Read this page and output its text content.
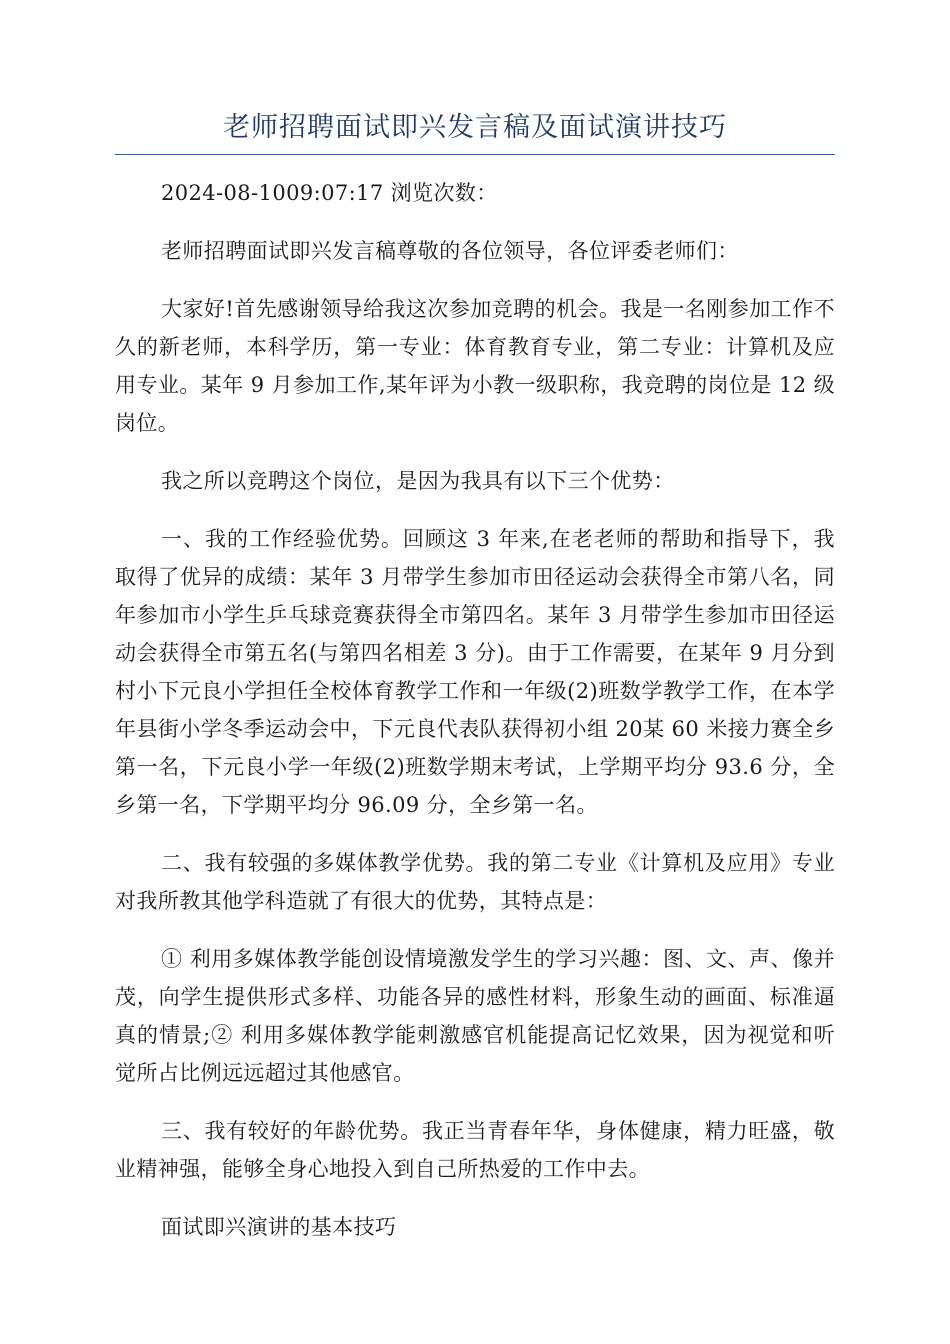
老师招聘面试即兴发言稿及面试演讲技巧

2024-08-1009:07:17 浏览次数：

老师招聘面试即兴发言稿尊敬的各位领导，各位评委老师们：

大家好!首先感谢领导给我这次参加竞聘的机会。我是一名刚参加工作不久的新老师，本科学历，第一专业：体育教育专业，第二专业：计算机及应用专业。某年 9 月参加工作,某年评为小教一级职称，我竞聘的岗位是 12 级岗位。

我之所以竞聘这个岗位，是因为我具有以下三个优势：

一、我的工作经验优势。回顾这 3 年来,在老老师的帮助和指导下，我取得了优异的成绩：某年 3 月带学生参加市田径运动会获得全市第八名，同年参加市小学生乒乓球竞赛获得全市第四名。某年 3 月带学生参加市田径运动会获得全市第五名(与第四名相差 3 分)。由于工作需要，在某年 9 月分到村小下元良小学担任全校体育教学工作和一年级(2)班数学教学工作，在本学年县街小学冬季运动会中，下元良代表队获得初小组 20某 60 米接力赛全乡第一名，下元良小学一年级(2)班数学期末考试，上学期平均分 93.6 分，全乡第一名，下学期平均分 96.09 分，全乡第一名。

二、我有较强的多媒体教学优势。我的第二专业《计算机及应用》专业对我所教其他学科造就了有很大的优势，其特点是：

① 利用多媒体教学能创设情境激发学生的学习兴趣：图、文、声、像并茂，向学生提供形式多样、功能各异的感性材料，形象生动的画面、标准逼真的情景;② 利用多媒体教学能刺激感官机能提高记忆效果，因为视觉和听觉所占比例远远超过其他感官。

三、我有较好的年龄优势。我正当青春年华，身体健康，精力旺盛，敬业精神强，能够全身心地投入到自己所热爱的工作中去。

面试即兴演讲的基本技巧
